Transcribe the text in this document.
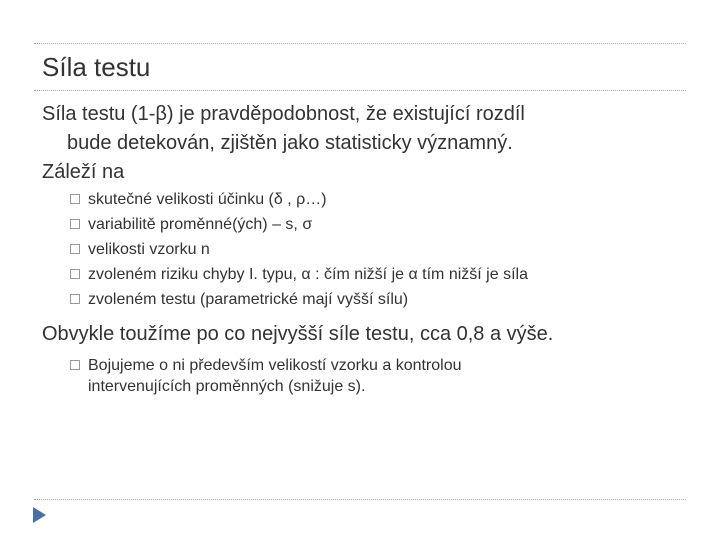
Síla testu
Síla testu (1-β) je pravděpodobnost, že existující rozdíl
bude detekován, zjištěn jako statisticky významný.
Záleží na
skutečné velikosti účinku (δ , ρ…)
variabilitě proměnné(ých) – s, σ
velikosti vzorku n
zvoleném riziku chyby I. typu, α : čím nižší je α tím nižší je síla
zvoleném testu (parametrické mají vyšší sílu)
Obvykle toužíme po co nejvyšší síle testu, cca 0,8 a výše.
Bojujeme o ni především velikostí vzorku a kontrolou
intervenujících proměnných (snižuje s).
